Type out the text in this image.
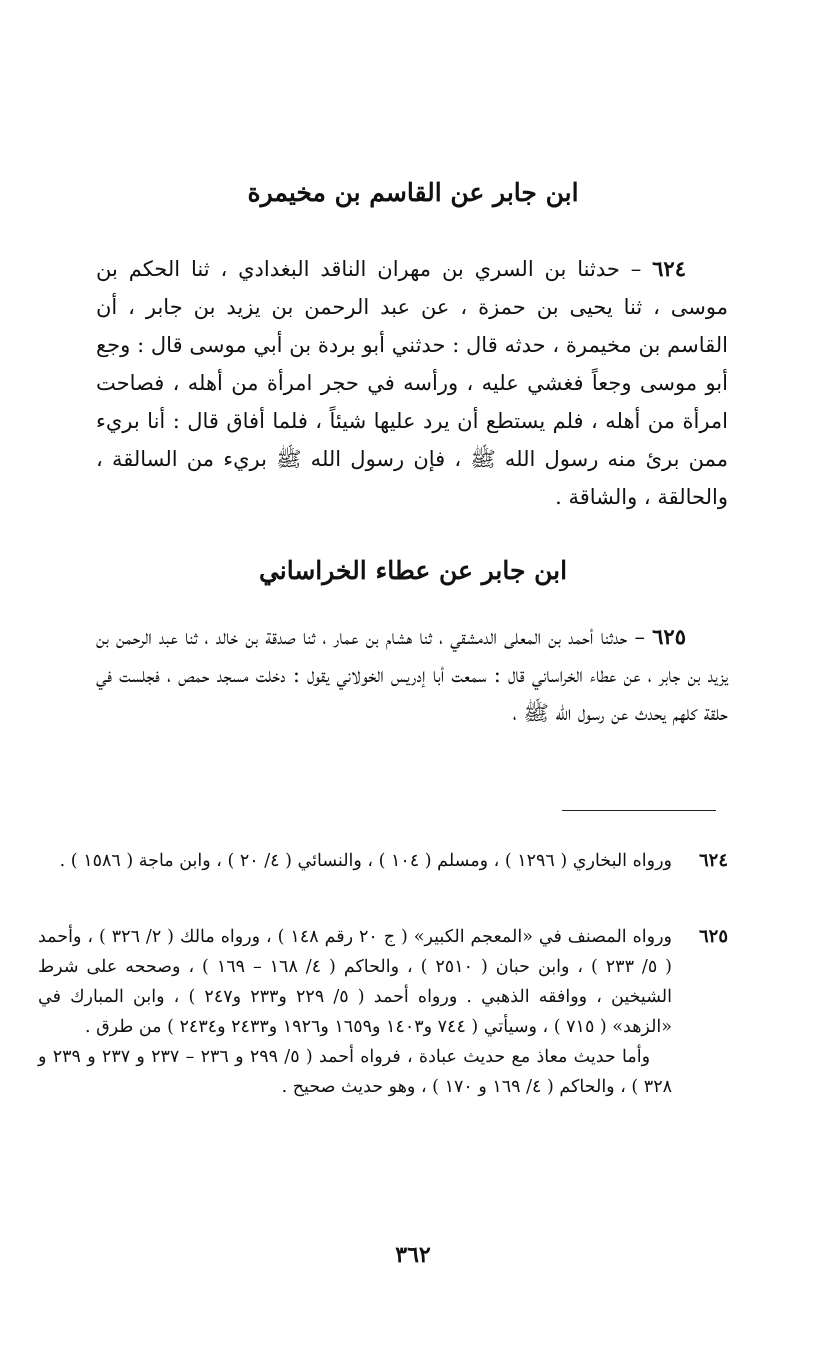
ابن جابر عن القاسم بن مخيمرة

٦٢٤ – حدثنا بن السري بن مهران الناقد البغدادي ، ثنا الحكم بن موسى ، ثنا يحيى بن حمزة ، عن عبد الرحمن بن يزيد بن جابر ، أن القاسم بن مخيمرة ، حدثه قال : حدثني أبو بردة بن أبي موسى قال : وجع أبو موسى وجعاً فغشي عليه ، ورأسه في حجر امرأة من أهله ، فصاحت امرأة من أهله ، فلم يستطع أن يرد عليها شيئاً ، فلما أفاق قال : أنا بريء ممن برئ منه رسول الله ﷺ ، فإن رسول الله ﷺ بريء من السالقة ، والحالقة ، والشاقة .

ابن جابر عن عطاء الخراساني

٦٢٥ – حدثنا أحمد بن المعلى الدمشقي ، ثنا هشام بن عمار ، ثنا صدقة بن خالد ، ثنا عبد الرحمن بن يزيد بن جابر ، عن عطاء الخراساني قال : سمعت أبا إدريس الخولاني يقول : دخلت مسجد حمص ، فجلست في حلقة كلهم يحدث عن رسول الله ﷺ ،

٦٢٤

ورواه البخاري ( ١٢٩٦ ) ، ومسلم ( ١٠٤ ) ، والنسائي ( ٤/ ٢٠ ) ، وابن ماجة ( ١٥٨٦ ) .

٦٢٥

ورواه المصنف في «المعجم الكبير» ( ج ٢٠ رقم ١٤٨ ) ، ورواه مالك ( ٢/ ٣٢٦ ) ، وأحمد ( ٥/ ٢٣٣ ) ، وابن حبان ( ٢٥١٠ ) ، والحاكم ( ٤/ ١٦٨ – ١٦٩ ) ، وصححه على شرط الشيخين ، ووافقه الذهبي . ورواه أحمد ( ٥/ ٢٢٩ و٢٣٣ و٢٤٧ ) ، وابن المبارك في «الزهد» ( ٧١٥ ) ، وسيأتي ( ٧٤٤ و١٤٠٣ و١٦٥٩ و١٩٢٦ و٢٤٣٣ و٢٤٣٤ ) من طرق .

وأما حديث معاذ مع حديث عبادة ، فرواه أحمد ( ٥/ ٢٩٩ و ٢٣٦ – ٢٣٧ و ٢٣٧ و ٢٣٩ و ٣٢٨ ) ، والحاكم ( ٤/ ١٦٩ و ١٧٠ ) ، وهو حديث صحيح .

٣٦٢
